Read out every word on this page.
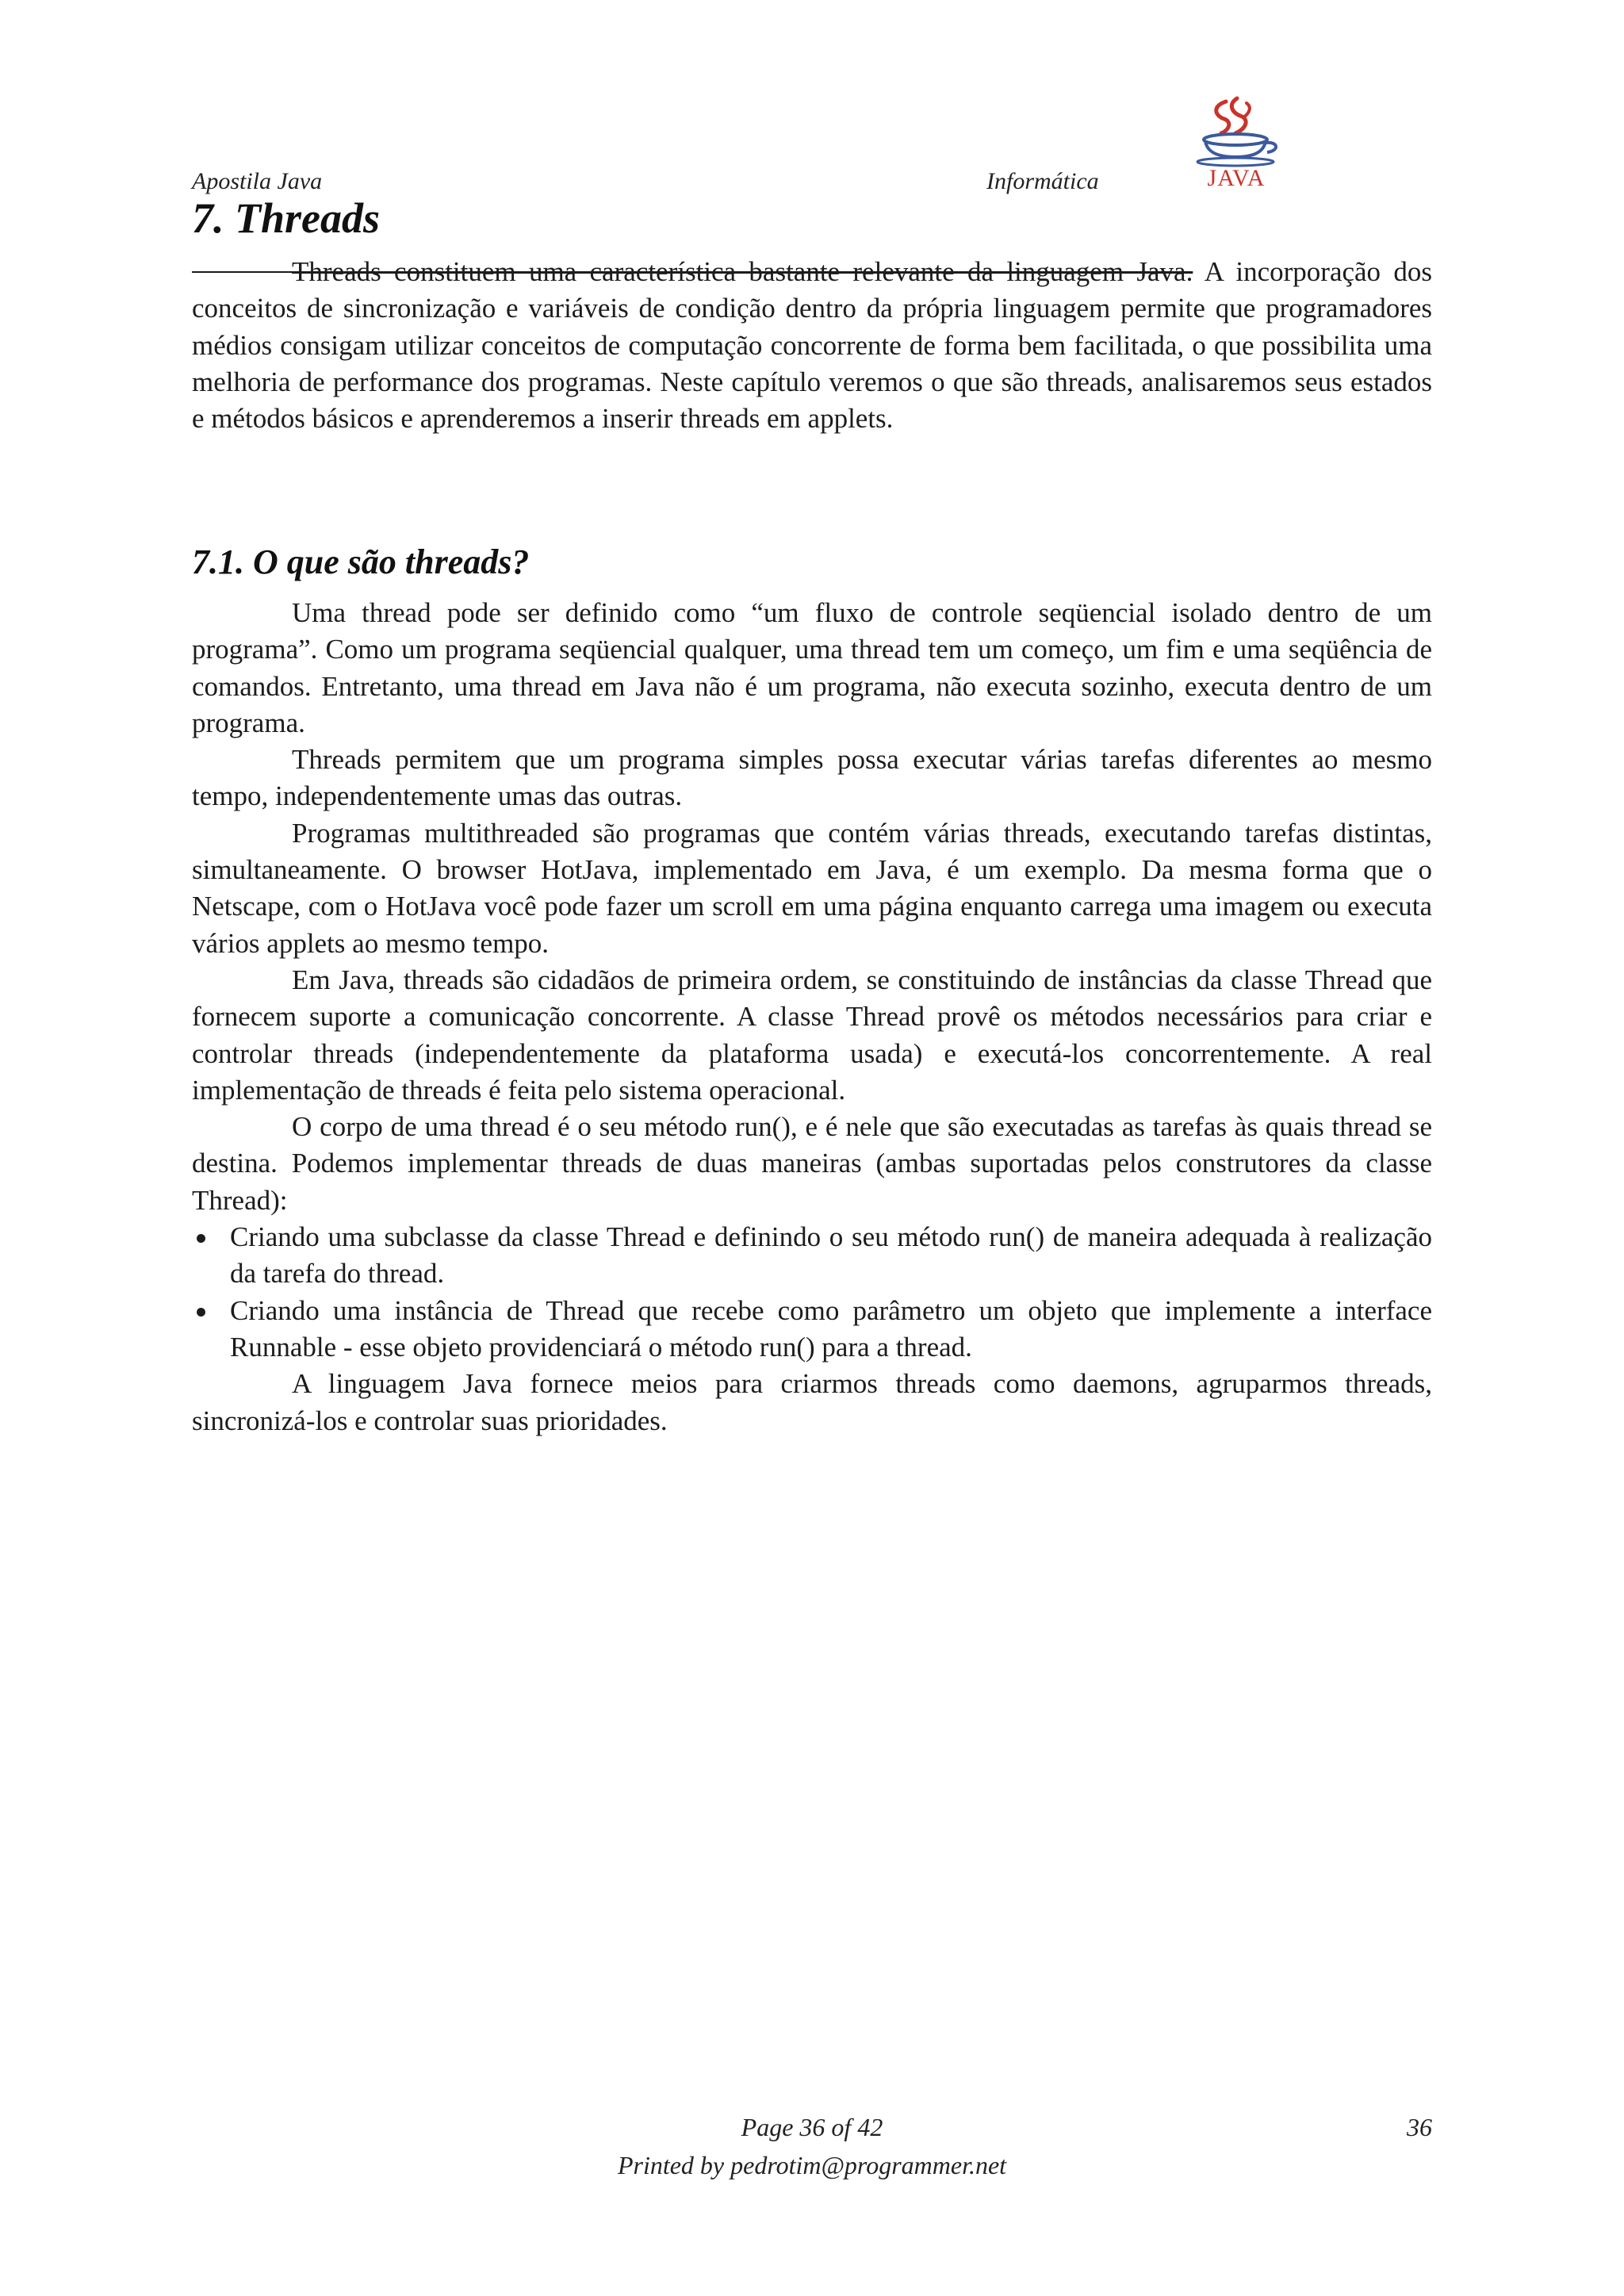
Apostila Java	Informática	JAVA
7. Threads

Threads constituem uma característica bastante relevante da linguagem Java. A incorporação dos conceitos de sincronização e variáveis de condição dentro da própria linguagem permite que programadores médios consigam utilizar conceitos de computação concorrente de forma bem facilitada, o que possibilita uma melhoria de performance dos programas. Neste capítulo veremos o que são threads, analisaremos seus estados e métodos básicos e aprenderemos a inserir threads em applets.

7.1. O que são threads?

Uma thread pode ser definido como “um fluxo de controle seqüencial isolado dentro de um programa”. Como um programa seqüencial qualquer, uma thread tem um começo, um fim e uma seqüência de comandos. Entretanto, uma thread em Java não é um programa, não executa sozinho, executa dentro de um programa.

Threads permitem que um programa simples possa executar várias tarefas diferentes ao mesmo tempo, independentemente umas das outras.

Programas multithreaded são programas que contém várias threads, executando tarefas distintas, simultaneamente. O browser HotJava, implementado em Java, é um exemplo. Da mesma forma que o Netscape, com o HotJava você pode fazer um scroll em uma página enquanto carrega uma imagem ou executa vários applets ao mesmo tempo.

Em Java, threads são cidadãos de primeira ordem, se constituindo de instâncias da classe Thread que fornecem suporte a comunicação concorrente. A classe Thread provê os métodos necessários para criar e controlar threads (independentemente da plataforma usada) e executá-los concorrentemente. A real implementação de threads é feita pelo sistema operacional.

O corpo de uma thread é o seu método run(), e é nele que são executadas as tarefas às quais thread se destina. Podemos implementar threads de duas maneiras (ambas suportadas pelos construtores da classe Thread):

Criando uma subclasse da classe Thread e definindo o seu método run() de maneira adequada à realização da tarefa do thread.
Criando uma instância de Thread que recebe como parâmetro um objeto que implemente a interface Runnable - esse objeto providenciará o método run() para a thread.

A linguagem Java fornece meios para criarmos threads como daemons, agruparmos threads, sincronizá-los e controlar suas prioridades.

Page 36 of 42
Printed by pedrotim@programmer.net
36
